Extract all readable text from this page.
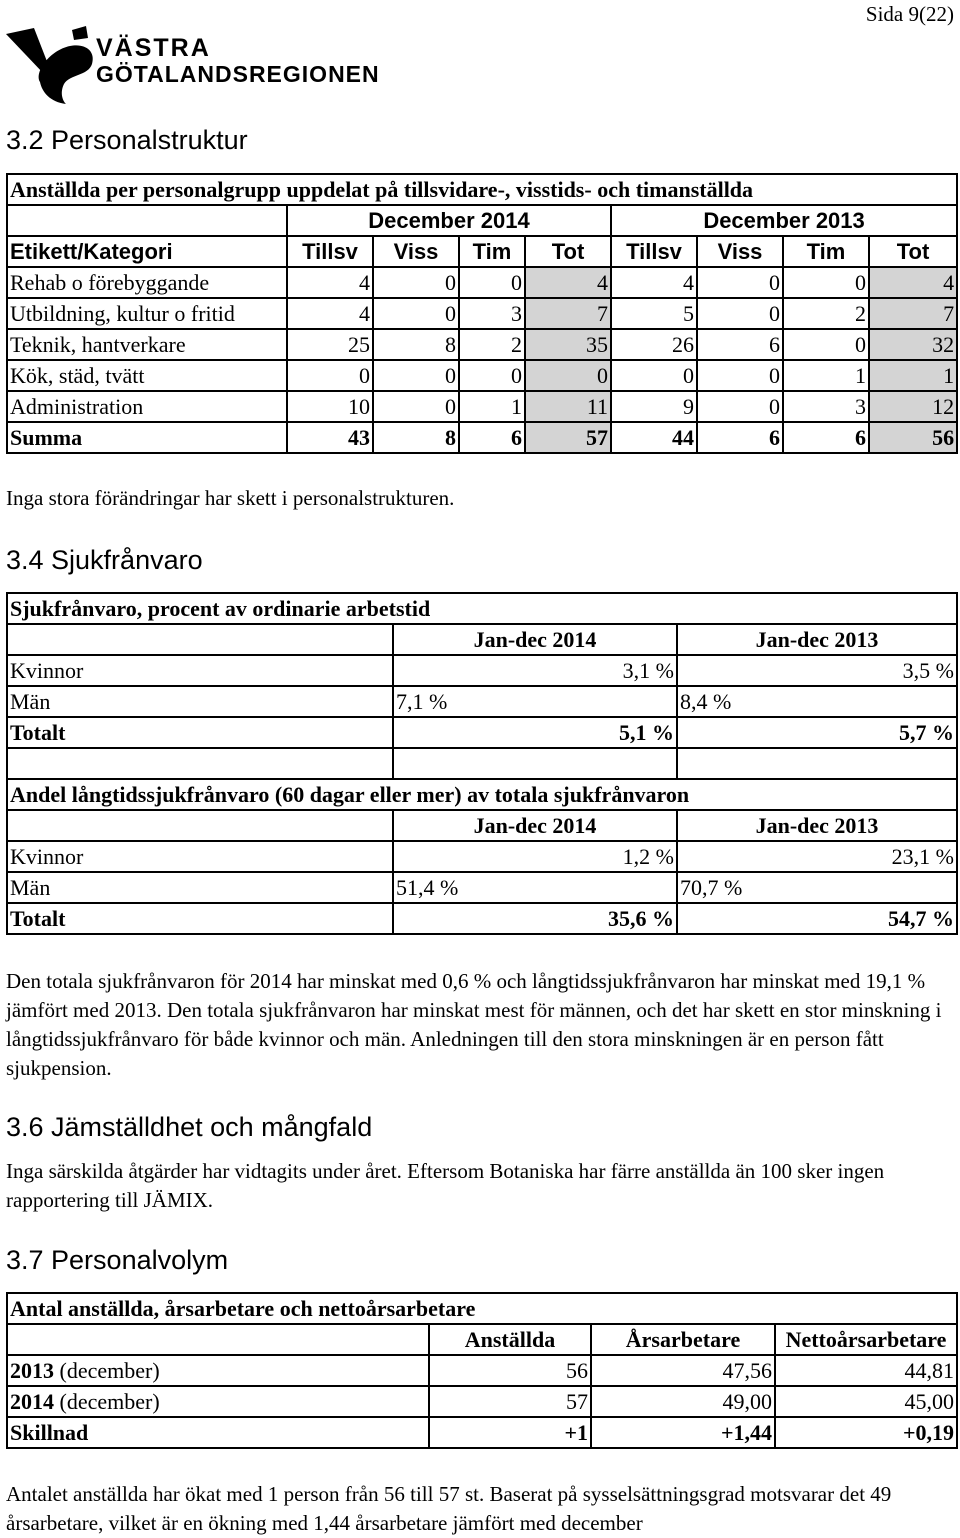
Sida 9(22)
VÄSTRA
GÖTALANDSREGIONEN
3.2 Personalstruktur
Anställda per personalgrupp uppdelat på tillsvidare-, visstids- och timanställda								
	December 2014				December 2013			
Etikett/Kategori	Tillsv	Viss	Tim	Tot	Tillsv	Viss	Tim	Tot
Rehab o förebyggande	4	0	0	4	4	0	0	4
Utbildning, kultur o fritid	4	0	3	7	5	0	2	7
Teknik, hantverkare	25	8	2	35	26	6	0	32
Kök, städ, tvätt	0	0	0	0	0	0	1	1
Administration	10	0	1	11	9	0	3	12
Summa	43	8	6	57	44	6	6	56
Inga stora förändringar har skett i personalstrukturen.
3.4 Sjukfrånvaro
Sjukfrånvaro, procent av ordinarie arbetstid		
	Jan-dec 2014	Jan-dec 2013
Kvinnor	3,1 %	3,5 %
Män	7,1 %	8,4 %
Totalt	5,1 %	5,7 %

Andel långtidssjukfrånvaro (60 dagar eller mer) av totala sjukfrånvaron		
	Jan-dec 2014	Jan-dec 2013
Kvinnor	1,2 %	23,1 %
Män	51,4 %	70,7 %
Totalt	35,6 %	54,7 %
Den totala sjukfrånvaron för 2014 har minskat med 0,6 % och långtidssjukfrånvaron har minskat med 19,1 % jämfört med 2013. Den totala sjukfrånvaron har minskat mest för männen, och det har skett en stor minskning i långtidssjukfrånvaro för både kvinnor och män. Anledningen till den stora minskningen är en person fått sjukpension.
3.6 Jämställdhet och mångfald
Inga särskilda åtgärder har vidtagits under året. Eftersom Botaniska har färre anställda än 100 sker ingen rapportering till JÄMIX.
3.7 Personalvolym
Antal anställda, årsarbetare och nettoårsarbetare			
	Anställda	Årsarbetare	Nettoårsarbetare
2013 (december)	56	47,56	44,81
2014 (december)	57	49,00	45,00
Skillnad	+1	+1,44	+0,19
Antalet anställda har ökat med 1 person från 56 till 57 st. Baserat på sysselsättningsgrad motsvarar det 49 årsarbetare, vilket är en ökning med 1,44 årsarbetare jämfört med december
